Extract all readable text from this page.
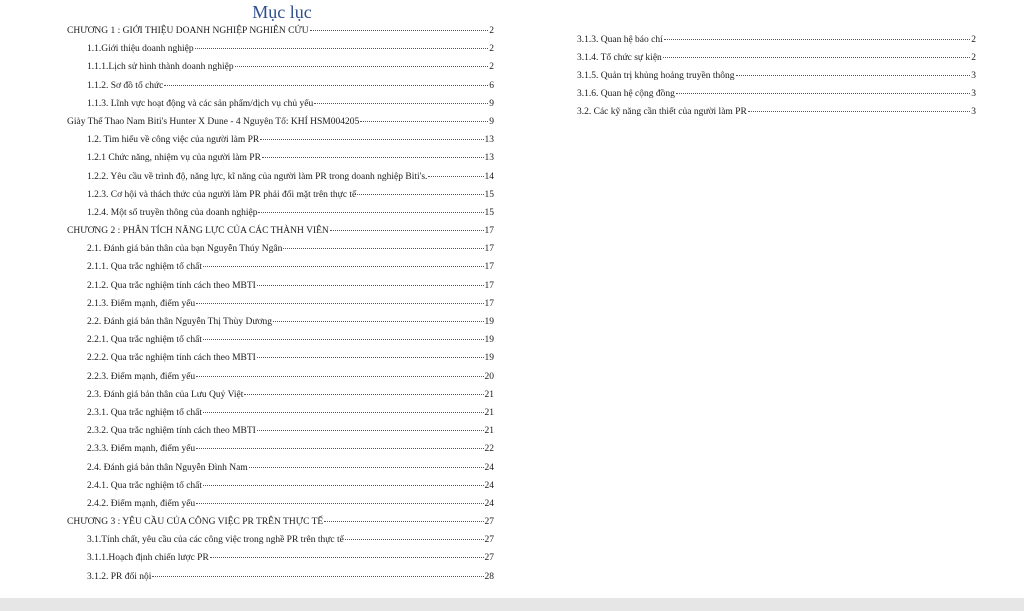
Mục lục
CHƯƠNG 1 : GIỚI THIỆU DOANH NGHIỆP NGHIÊN CỨU	2
1.1.Giới thiệu doanh nghiệp	2
1.1.1.Lịch sử hình thành doanh nghiệp	2
1.1.2. Sơ đồ tổ chức	6
1.1.3. Lĩnh vực hoạt động và các sản phẩm/dịch vụ chủ yếu	9
Giày Thể Thao Nam Biti's Hunter X Dune - 4 Nguyên Tố: KHÍ HSM004205	9
1.2. Tìm hiểu về công việc của người làm PR	13
1.2.1 Chức năng, nhiệm vụ của người làm PR	13
1.2.2. Yêu cầu về trình độ, năng lực, kĩ năng của người làm PR trong doanh nghiệp Biti's.	14
1.2.3. Cơ hội và thách thức của người làm PR phải đối mặt trên thực tế	15
1.2.4. Một số truyền thông của doanh nghiệp	15
CHƯƠNG 2 : PHÂN TÍCH NĂNG LỰC CỦA CÁC THÀNH VIÊN	17
2.1. Đánh giá bản thân của bạn Nguyễn Thúy Ngân	17
2.1.1. Qua trắc nghiệm tố chất	17
2.1.2. Qua trắc nghiệm tính cách theo MBTI	17
2.1.3. Điểm mạnh, điểm yếu	17
2.2. Đánh giá bản thân Nguyễn Thị Thùy Dương	19
2.2.1. Qua trắc nghiệm tố chất	19
2.2.2. Qua trắc nghiệm tính cách theo MBTI	19
2.2.3. Điểm mạnh, điểm yếu	20
2.3. Đánh giá bản thân của Lưu Quý Việt	21
2.3.1. Qua trắc nghiệm tố chất	21
2.3.2. Qua trắc nghiệm tính cách theo MBTI	21
2.3.3. Điểm mạnh, điểm yếu	22
2.4. Đánh giá bản thân Nguyễn Đình Nam	24
2.4.1. Qua trắc nghiệm tố chất	24
2.4.2. Điểm mạnh, điểm yếu	24
CHƯƠNG 3 : YÊU CẦU CỦA CÔNG VIỆC PR TRÊN THỰC TẾ	27
3.1.Tính chất, yêu cầu của các công việc trong nghề PR trên thực tế	27
3.1.1.Hoạch định chiến lược PR	27
3.1.2. PR đối nội	28
3.1.3. Quan hệ báo chí	2
3.1.4. Tổ chức sự kiện	2
3.1.5. Quản trị khủng hoảng truyền thông	3
3.1.6. Quan hệ cộng đồng	3
3.2. Các kỹ năng cần thiết của người làm PR	3
